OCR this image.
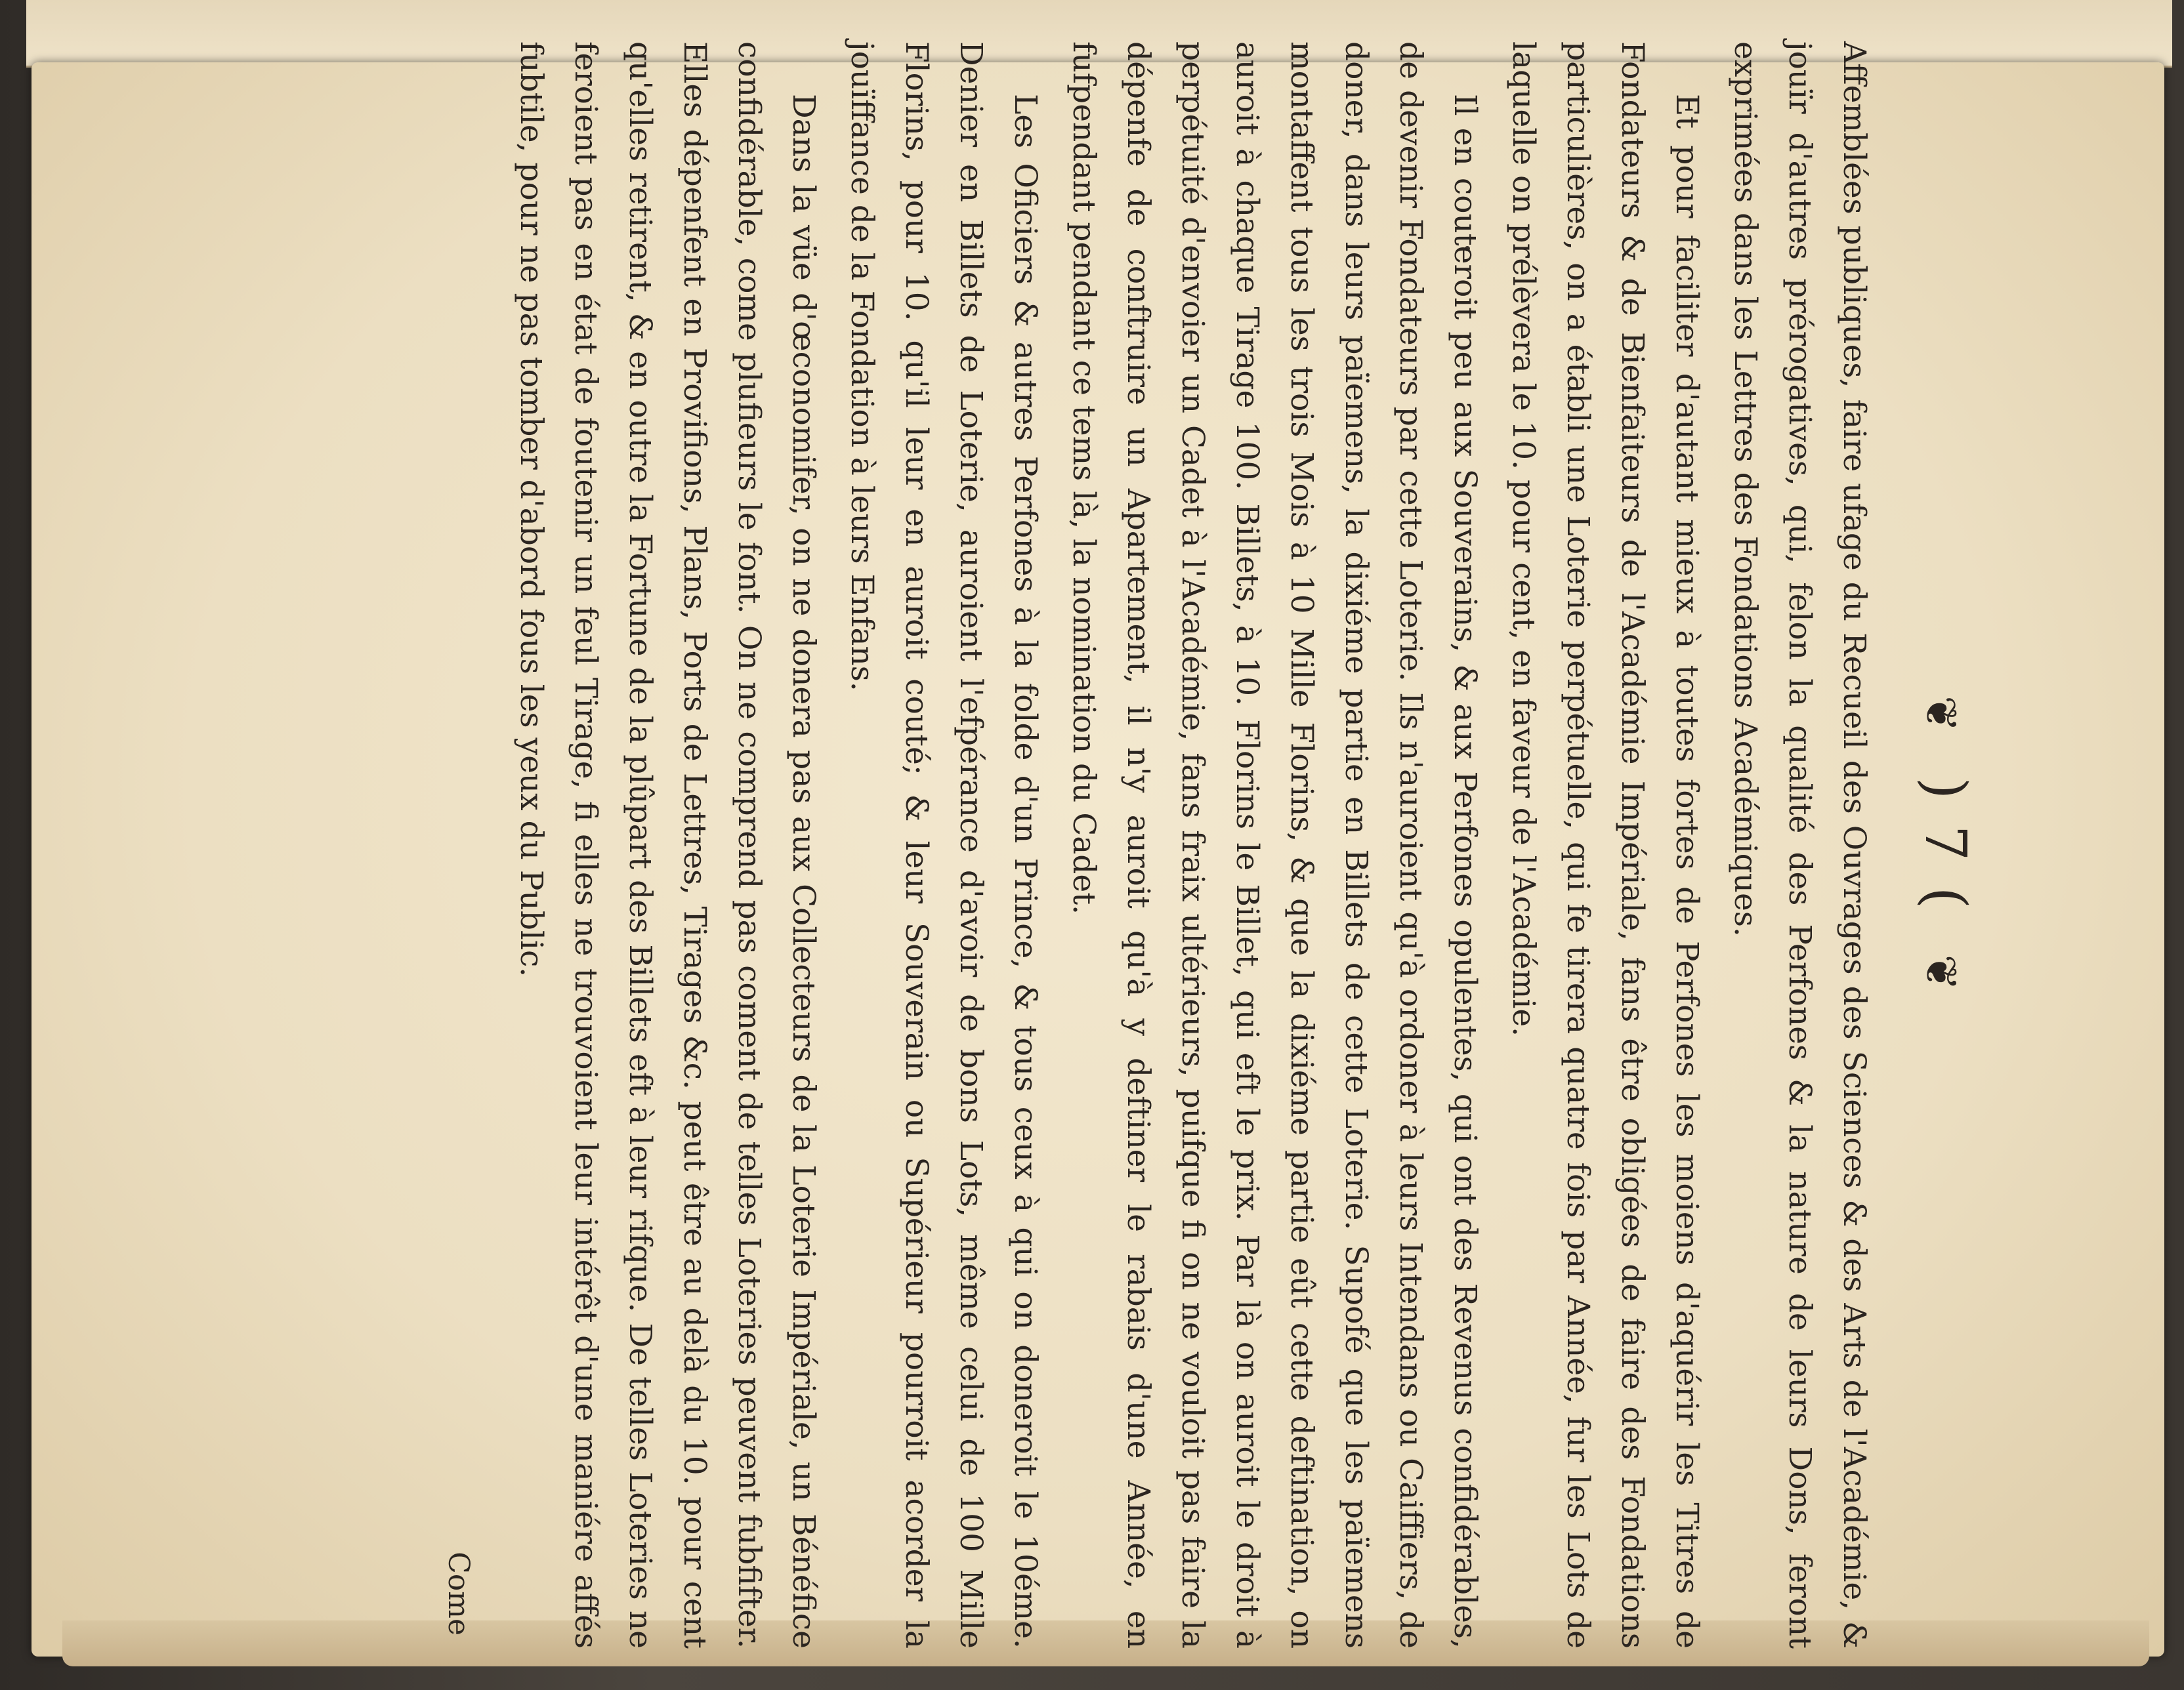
❦ ) 7 ( ❦

Affemblées publiques, faire ufage du Recueil des Ouvrages des Sciences & des Arts de l'Académie, & jouïr d'autres prérogatives, qui, felon la qualité des Perfones & la nature de leurs Dons, feront exprimées dans les Lettres des Fondations Académiques.

Et pour faciliter d'autant mieux à toutes fortes de Perfones les moiens d'aquérir les Titres de Fondateurs & de Bienfaiteurs de l'Académie Impériale, fans être obligées de faire des Fondations particulières, on a établi une Loterie perpétuelle, qui fe tirera quatre fois par Année, fur les Lots de laquelle on prélèvera le 10. pour cent, en faveur de l'Académie.

Il en couteroit peu aux Souverains, & aux Perfones opulentes, qui ont des Revenus confidérables, de devenir Fondateurs par cette Loterie. Ils n'auroient qu'à ordoner à leurs Intendans ou Caiffiers, de doner, dans leurs païemens, la dixiéme partie en Billets de cette Loterie. Supofé que les païemens montaffent tous les trois Mois à 10 Mille Florins, & que la dixiéme partie eût cette deftination, on auroit à chaque Tirage 100. Billets, à 10. Florins le Billet, qui eft le prix. Par là on auroit le droit à perpétuité d'envoier un Cadet à l'Académie, fans fraix ultérieurs, puifque fi on ne vouloit pas faire la dépenfe de conftruire un Apartement, il n'y auroit qu'à y deftiner le rabais d'une Année, en fufpendant pendant ce tems là, la nomination du Cadet.

Les Oficiers & autres Perfones à la folde d'un Prince, & tous ceux à qui on doneroit le 10éme. Denier en Billets de Loterie, auroient l'efpérance d'avoir de bons Lots, même celui de 100 Mille Florins, pour 10. qu'il leur en auroit couté; & leur Souverain ou Supérieur pourroit acorder la jouïffance de la Fondation à leurs Enfans.

Dans la vüe d'œconomifer, on ne donera pas aux Collecteurs de la Loterie Impériale, un Bénéfice confidérable, come plufieurs le font. On ne comprend pas coment de telles Loteries peuvent fubfifter. Elles dépenfent en Provifions, Plans, Ports de Lettres, Tirages &c. peut être au delà du 10. pour cent qu'elles retirent, & en outre la Fortune de la plûpart des Billets eft à leur rifque. De telles Loteries ne feroient pas en état de foutenir un feul Tirage, fi elles ne trouvoient leur intérêt d'une maniére affés fubtile, pour ne pas tomber d'abord fous les yeux du Public.

Come
